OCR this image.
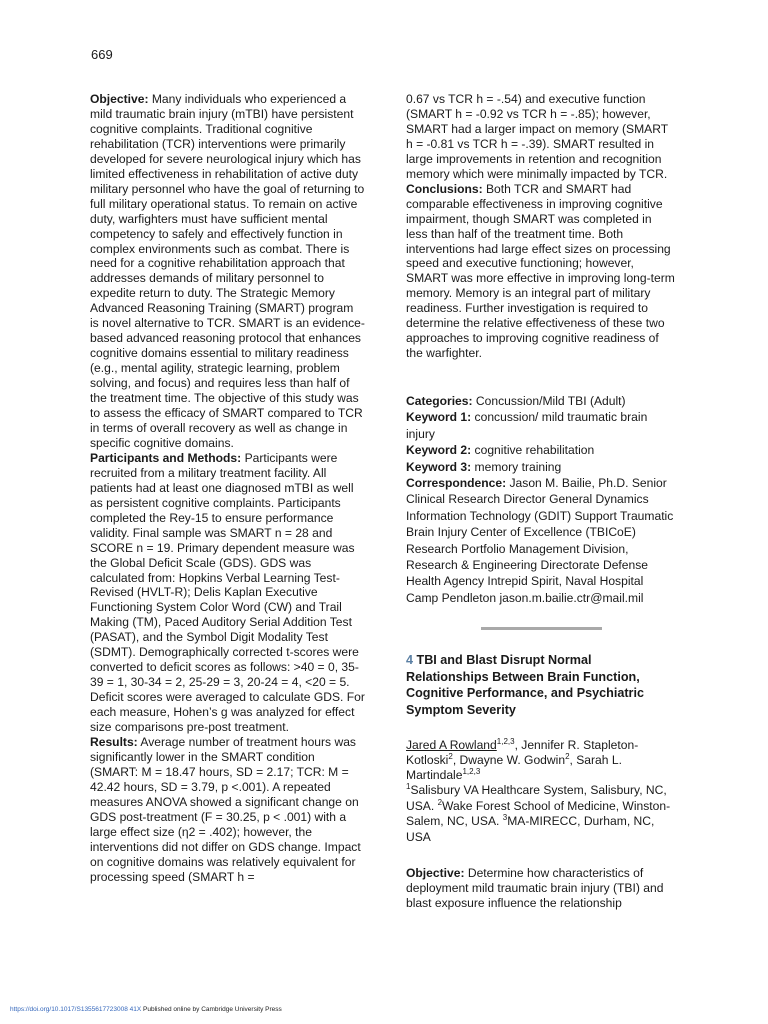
669

Objective: Many individuals who experienced a mild traumatic brain injury (mTBI) have persistent cognitive complaints. Traditional cognitive rehabilitation (TCR) interventions were primarily developed for severe neurological injury which has limited effectiveness in rehabilitation of active duty military personnel who have the goal of returning to full military operational status. To remain on active duty, warfighters must have sufficient mental competency to safely and effectively function in complex environments such as combat. There is need for a cognitive rehabilitation approach that addresses demands of military personnel to expedite return to duty. The Strategic Memory Advanced Reasoning Training (SMART) program is novel alternative to TCR. SMART is an evidence-based advanced reasoning protocol that enhances cognitive domains essential to military readiness (e.g., mental agility, strategic learning, problem solving, and focus) and requires less than half of the treatment time. The objective of this study was to assess the efficacy of SMART compared to TCR in terms of overall recovery as well as change in specific cognitive domains.

Participants and Methods: Participants were recruited from a military treatment facility. All patients had at least one diagnosed mTBI as well as persistent cognitive complaints. Participants completed the Rey-15 to ensure performance validity. Final sample was SMART n = 28 and SCORE n = 19. Primary dependent measure was the Global Deficit Scale (GDS). GDS was calculated from: Hopkins Verbal Learning Test-Revised (HVLT-R); Delis Kaplan Executive Functioning System Color Word (CW) and Trail Making (TM), Paced Auditory Serial Addition Test (PASAT), and the Symbol Digit Modality Test (SDMT). Demographically corrected t-scores were converted to deficit scores as follows: >40 = 0, 35-39 = 1, 30-34 = 2, 25-29 = 3, 20-24 = 4, <20 = 5. Deficit scores were averaged to calculate GDS. For each measure, Hohen’s g was analyzed for effect size comparisons pre-post treatment.

Results: Average number of treatment hours was significantly lower in the SMART condition (SMART: M = 18.47 hours, SD = 2.17; TCR: M = 42.42 hours, SD = 3.79, p <.001). A repeated measures ANOVA showed a significant change on GDS post-treatment (F = 30.25, p < .001) with a large effect size (η2 = .402); however, the interventions did not differ on GDS change. Impact on cognitive domains was relatively equivalent for processing speed (SMART h =

0.67 vs TCR h = -.54) and executive function (SMART h = -0.92 vs TCR h = -.85); however, SMART had a larger impact on memory (SMART h = -0.81 vs TCR h = -.39). SMART resulted in large improvements in retention and recognition memory which were minimally impacted by TCR.

Conclusions: Both TCR and SMART had comparable effectiveness in improving cognitive impairment, though SMART was completed in less than half of the treatment time. Both interventions had large effect sizes on processing speed and executive functioning; however, SMART was more effective in improving long-term memory. Memory is an integral part of military readiness. Further investigation is required to determine the relative effectiveness of these two approaches to improving cognitive readiness of the warfighter.

Categories: Concussion/Mild TBI (Adult)

Keyword 1: concussion/ mild traumatic brain injury

Keyword 2: cognitive rehabilitation

Keyword 3: memory training

Correspondence: Jason M. Bailie, Ph.D. Senior Clinical Research Director General Dynamics Information Technology (GDIT) Support Traumatic Brain Injury Center of Excellence (TBICoE) Research Portfolio Management Division, Research & Engineering Directorate Defense Health Agency Intrepid Spirit, Naval Hospital Camp Pendleton jason.m.bailie.ctr@mail.mil

4 TBI and Blast Disrupt Normal Relationships Between Brain Function, Cognitive Performance, and Psychiatric Symptom Severity
Jared A Rowland$^{1,2,3}$, Jennifer R. Stapleton-Kotloski$^2$, Dwayne W. Godwin$^2$, Sarah L. Martindale$^{1,2,3}$
$^1$Salisbury VA Healthcare System, Salisbury, NC, USA. $^2$Wake Forest School of Medicine, Winston-Salem, NC, USA. $^3$MA-MIRECC, Durham, NC, USA
Objective: Determine how characteristics of deployment mild traumatic brain injury (TBI) and blast exposure influence the relationship
https://doi.org/10.1017/S1355617723008 41X Published online by Cambridge University Press
